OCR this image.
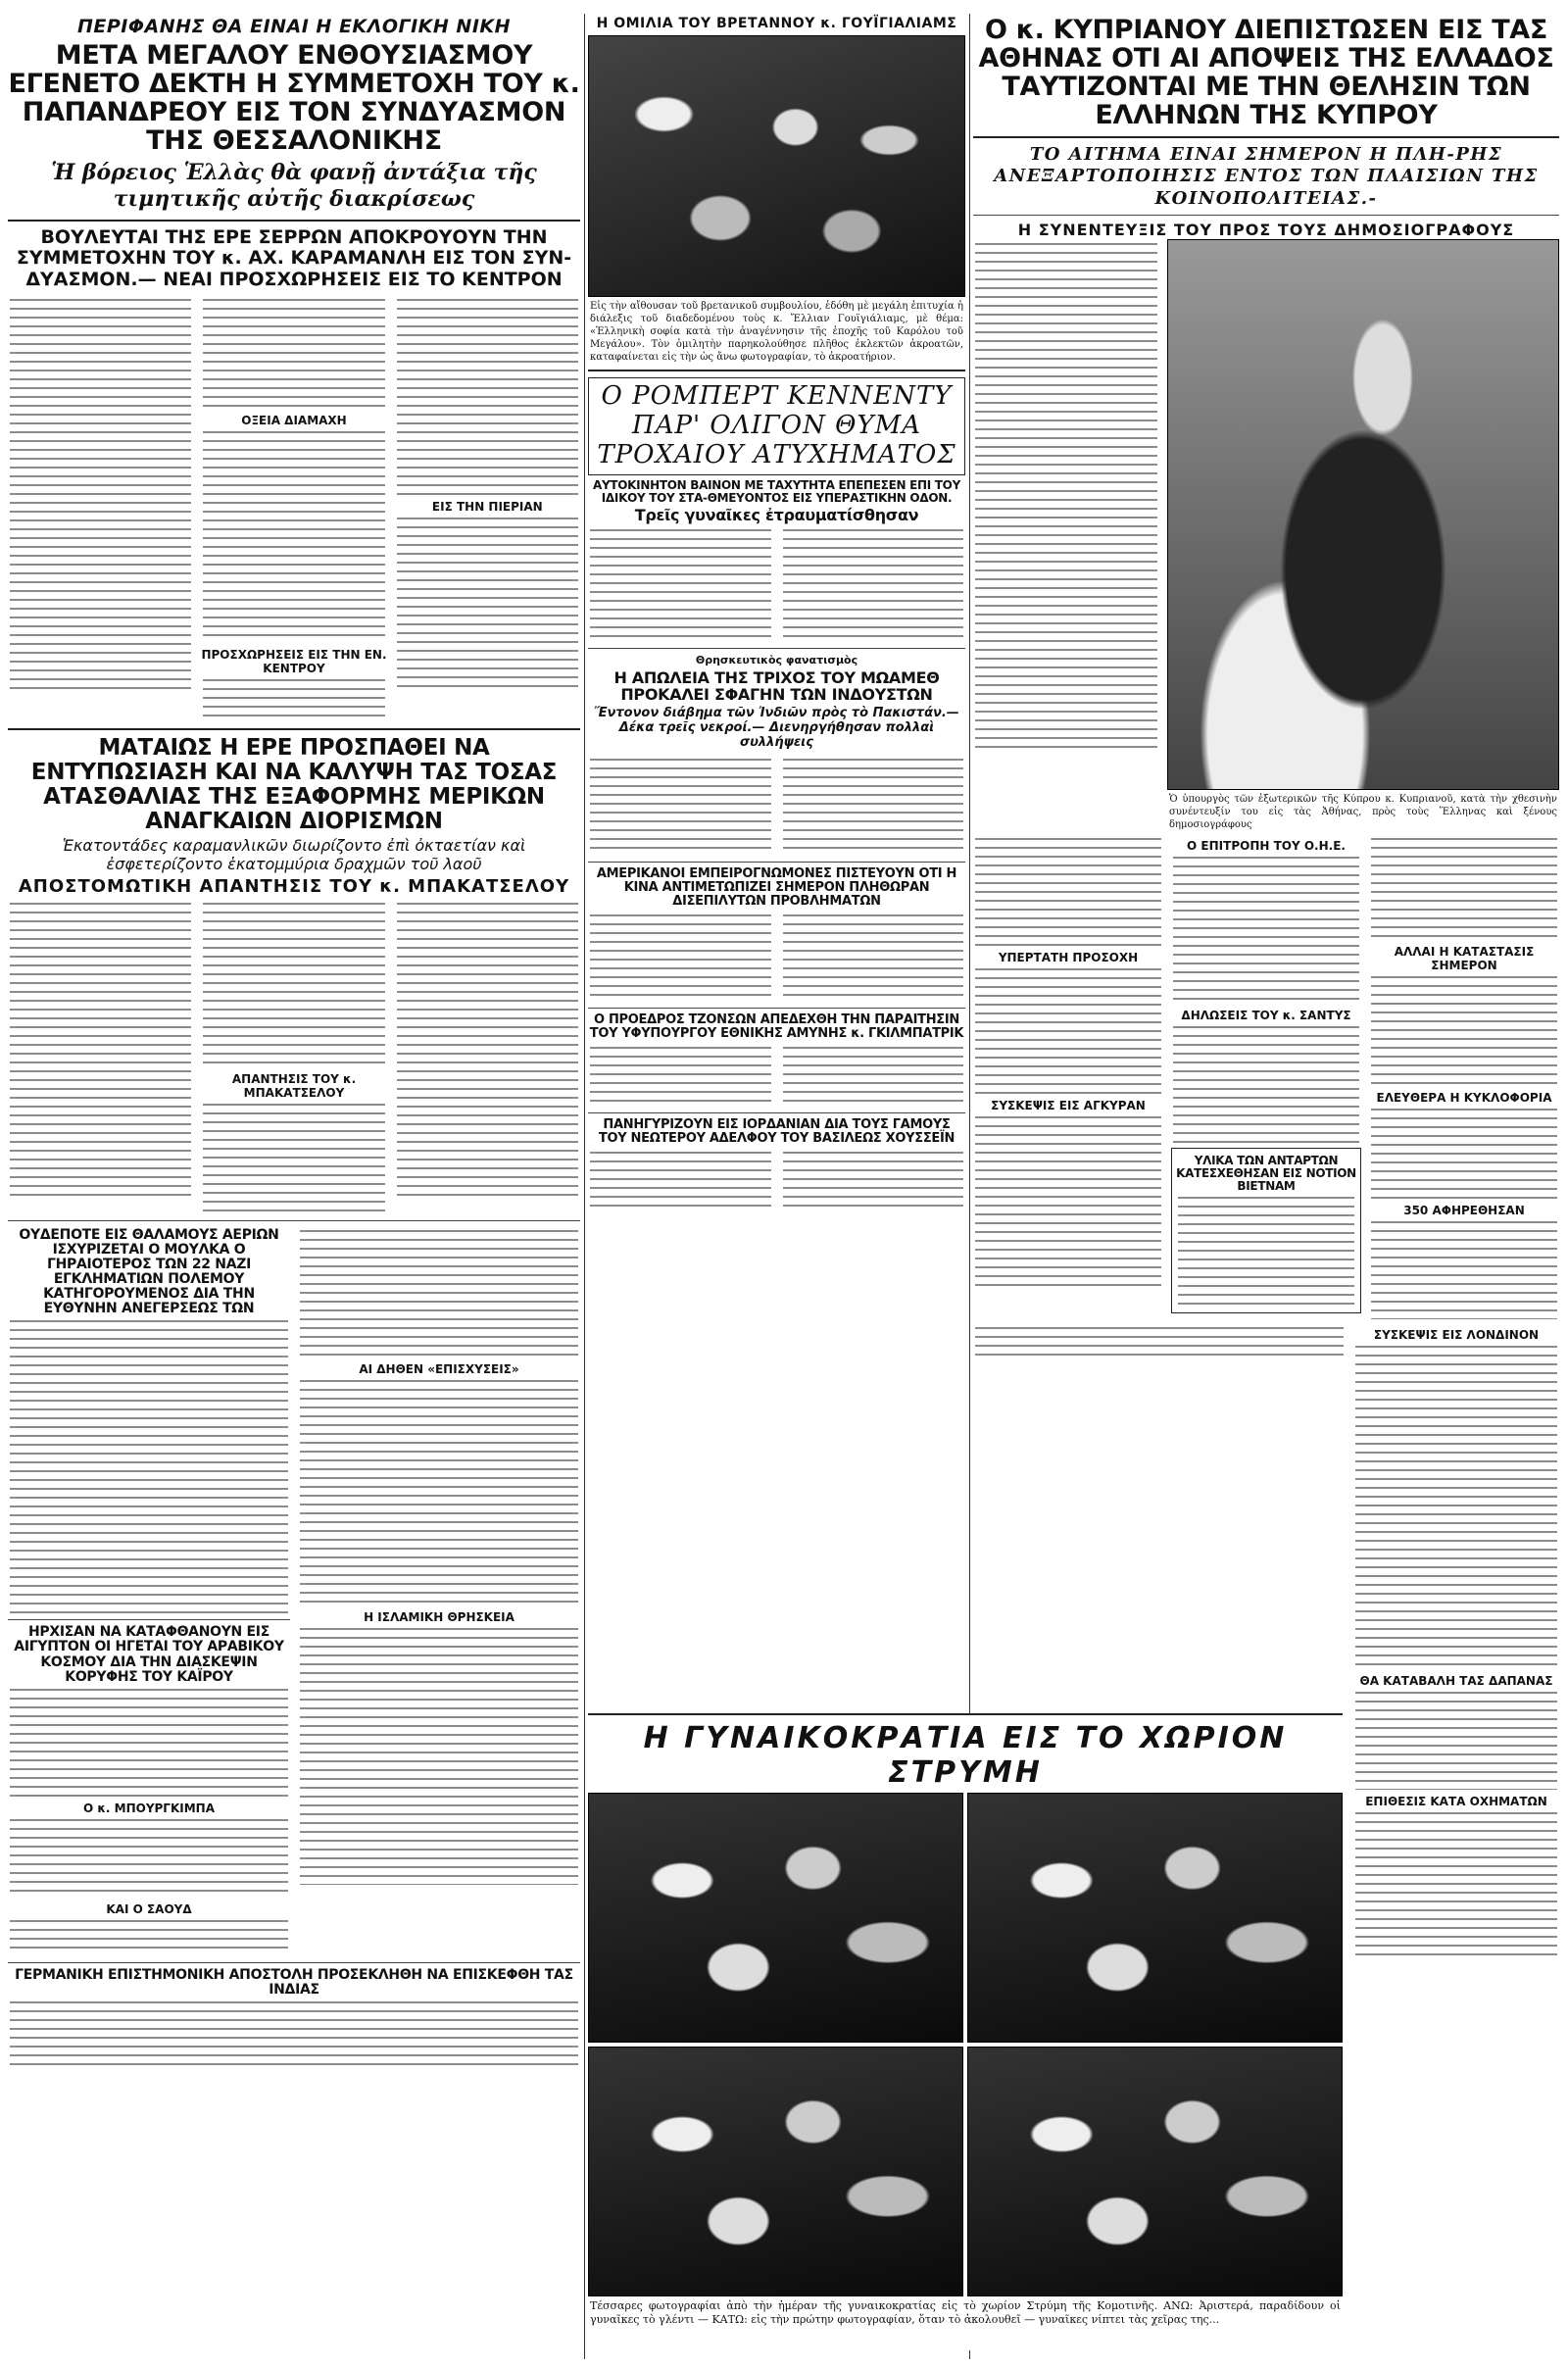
ΠΕΡΙΦΑΝΗΣ ΘΑ ΕΙΝΑΙ Η ΕΚΛΟΓΙΚΗ ΝΙΚΗ
ΜΕΤΑ ΜΕΓΑΛΟΥ ΕΝΘΟΥΣΙΑΣΜΟΥ ΕΓΕΝΕΤΟ ΔΕΚΤΗ Η ΣΥΜΜΕΤΟΧΗ ΤΟΥ κ. ΠΑΠΑΝΔΡΕΟΥ ΕΙΣ ΤΟΝ ΣΥΝΔΥΑΣΜΟΝ ΤΗΣ ΘΕΣΣΑΛΟΝΙΚΗΣ
Ἡ βόρειος Ἑλλὰς θὰ φανῇ ἀντάξια τῆς τιμητικῆς αὐτῆς διακρίσεως
ΒΟΥΛΕΥΤΑΙ ΤΗΣ ΕΡΕ ΣΕΡΡΩΝ ΑΠΟΚΡΟΥΟΥΝ ΤΗΝ ΣΥΜΜΕΤΟΧΗΝ ΤΟΥ κ. ΑΧ. ΚΑΡΑΜΑΝΛΗ ΕΙΣ ΤΟΝ ΣΥΝ-ΔΥΑΣΜΟΝ.— ΝΕΑΙ ΠΡΟΣΧΩΡΗΣΕΙΣ ΕΙΣ ΤΟ ΚΕΝΤΡΟΝ
ΟΞΕΙΑ ΔΙΑΜΑΧΗ
ΠΡΟΣΧΩΡΗΣΕΙΣ ΕΙΣ ΤΗΝ ΕΝ. ΚΕΝΤΡΟΥ
ΕΙΣ ΤΗΝ ΠΙΕΡΙΑΝ
ΜΑΤΑΙΩΣ Η ΕΡΕ ΠΡΟΣΠΑΘΕΙ ΝΑ ΕΝΤΥΠΩΣΙΑΣΗ ΚΑΙ ΝΑ ΚΑΛΥΨΗ ΤΑΣ ΤΟΣΑΣ ΑΤΑΣΘΑΛΙΑΣ ΤΗΣ ΕΞΑΦΟΡΜΗΣ ΜΕΡΙΚΩΝ ΑΝΑΓΚΑΙΩΝ ΔΙΟΡΙΣΜΩΝ
Ἑκατοντάδες καραμανλικῶν διωρίζοντο ἐπὶ ὀκταετίαν καὶ ἐσφετερίζοντο ἑκατομμύρια δραχμῶν τοῦ λαοῦ
ΑΠΟΣΤΟΜΩΤΙΚΗ ΑΠΑΝΤΗΣΙΣ ΤΟΥ κ. ΜΠΑΚΑΤΣΕΛΟΥ
ΑΠΑΝΤΗΣΙΣ ΤΟΥ κ. ΜΠΑΚΑΤΣΕΛΟΥ
ΟΥΔΕΠΟΤΕ ΕΙΣ ΘΑΛΑΜΟΥΣ ΑΕΡΙΩΝ ΙΣΧΥΡΙΖΕΤΑΙ Ο ΜΟΥΛΚΑ Ο ΓΗΡΑΙΟΤΕΡΟΣ ΤΩΝ 22 ΝΑΖΙ ΕΓΚΛΗΜΑΤΙΩΝ ΠΟΛΕΜΟΥ ΚΑΤΗΓΟΡΟΥΜΕΝΟΣ ΔΙΑ ΤΗΝ ΕΥΘΥΝΗΝ ΑΝΕΓΕΡΣΕΩΣ ΤΩΝ
ΗΡΧΙΣΑΝ ΝΑ ΚΑΤΑΦΘΑΝΟΥΝ ΕΙΣ ΑΙΓΥΠΤΟΝ ΟΙ ΗΓΕΤΑΙ ΤΟΥ ΑΡΑΒΙΚΟΥ ΚΟΣΜΟΥ ΔΙΑ ΤΗΝ ΔΙΑΣΚΕΨΙΝ ΚΟΡΥΦΗΣ ΤΟΥ ΚΑΪΡΟΥ
Ο κ. ΜΠΟΥΡΓΚΙΜΠΑ
ΚΑΙ Ο ΣΑΟΥΔ
ΑΙ ΔΗΘΕΝ «ΕΠΙΣΧΥΣΕΙΣ»
Η ΙΣΛΑΜΙΚΗ ΘΡΗΣΚΕΙΑ
ΓΕΡΜΑΝΙΚΗ ΕΠΙΣΤΗΜΟΝΙΚΗ ΑΠΟΣΤΟΛΗ ΠΡΟΣΕΚΛΗΘΗ ΝΑ ΕΠΙΣΚΕΦΘΗ ΤΑΣ ΙΝΔΙΑΣ
Η ΟΜΙΛΙΑ ΤΟΥ ΒΡΕΤΑΝΝΟΥ κ. ΓΟΥΪΓΙΑΛΙΑΜΣ
Εἰς τὴν αἴθουσαν τοῦ βρετανικοῦ συμβουλίου, ἐδόθη μὲ μεγάλη ἐπιτυχία ἡ διάλεξις τοῦ διαδεδομένου τοὺς κ. Ἔλλιαν Γουϊγιάλιαμς, μὲ θέμα: «Ἑλληνικὴ σοφία κατὰ τὴν ἀναγέννησιν τῆς ἐποχῆς τοῦ Καρόλου τοῦ Μεγάλου». Τὸν ὁμιλητὴν παρηκολούθησε πλῆθος ἐκλεκτῶν ἀκροατῶν, καταφαίνεται εἰς τὴν ὡς ἄνω φωτογραφίαν, τὸ ἀκροατήριον.
Ο ΡΟΜΠΕΡΤ ΚΕΝΝΕΝΤΥ ΠΑΡ' ΟΛΙΓΟΝ ΘΥΜΑ ΤΡΟΧΑΙΟΥ ΑΤΥΧΗΜΑΤΟΣ
ΑΥΤΟΚΙΝΗΤΟΝ ΒΑΙΝΟΝ ΜΕ ΤΑΧΥΤΗΤΑ ΕΠΕΠΕΣΕΝ ΕΠΙ ΤΟΥ ΙΔΙΚΟΥ ΤΟΥ ΣΤΑ-ΘΜΕΥΟΝΤΟΣ ΕΙΣ ΥΠΕΡΑΣΤΙΚΗΝ ΟΔΟΝ.
Τρεῖς γυναῖκες ἐτραυματίσθησαν
Θρησκευτικὸς φανατισμὸς
Η ΑΠΩΛΕΙΑ ΤΗΣ ΤΡΙΧΟΣ ΤΟΥ ΜΩΑΜΕΘ ΠΡΟΚΑΛΕΙ ΣΦΑΓΗΝ ΤΩΝ ΙΝΔΟΥΣΤΩΝ
Ἔντονον διάβημα τῶν Ἰνδιῶν πρὸς τὸ Πακιστάν.— Δέκα τρεῖς νεκροί.— Διενηργήθησαν πολλαὶ συλλήψεις
ΑΜΕΡΙΚΑΝΟΙ ΕΜΠΕΙΡΟΓΝΩΜΟΝΕΣ ΠΙΣΤΕΥΟΥΝ ΟΤΙ Η ΚΙΝΑ ΑΝΤΙΜΕΤΩΠΙΖΕΙ ΣΗΜΕΡΟΝ ΠΛΗΘΩΡΑΝ ΔΙΣΕΠΙΛΥΤΩΝ ΠΡΟΒΛΗΜΑΤΩΝ
Ο ΠΡΟΕΔΡΟΣ ΤΖΟΝΣΩΝ ΑΠΕΔΕΧΘΗ ΤΗΝ ΠΑΡΑΙΤΗΣΙΝ ΤΟΥ ΥΦΥΠΟΥΡΓΟΥ ΕΘΝΙΚΗΣ ΑΜΥΝΗΣ κ. ΓΚΙΛΜΠΑΤΡΙΚ
ΠΑΝΗΓΥΡΙΖΟΥΝ ΕΙΣ ΙΟΡΔΑΝΙΑΝ ΔΙΑ ΤΟΥΣ ΓΑΜΟΥΣ ΤΟΥ ΝΕΩΤΕΡΟΥ ΑΔΕΛΦΟΥ ΤΟΥ ΒΑΣΙΛΕΩΣ ΧΟΥΣΣΕΪΝ
Ο κ. ΚΥΠΡΙΑΝΟΥ ΔΙΕΠΙΣΤΩΣΕΝ ΕΙΣ ΤΑΣ ΑΘΗΝΑΣ ΟΤΙ ΑΙ ΑΠΟΨΕΙΣ ΤΗΣ ΕΛΛΑΔΟΣ ΤΑΥΤΙΖΟΝΤΑΙ ΜΕ ΤΗΝ ΘΕΛΗΣΙΝ ΤΩΝ ΕΛΛΗΝΩΝ ΤΗΣ ΚΥΠΡΟΥ
ΤΟ ΑΙΤΗΜΑ ΕΙΝΑΙ ΣΗΜΕΡΟΝ Η ΠΛΗ-ΡΗΣ ΑΝΕΞΑΡΤΟΠΟΙΗΣΙΣ ΕΝΤΟΣ ΤΩΝ ΠΛΑΙΣΙΩΝ ΤΗΣ ΚΟΙΝΟΠΟΛΙΤΕΙΑΣ.-
Η ΣΥΝΕΝΤΕΥΞΙΣ ΤΟΥ ΠΡΟΣ ΤΟΥΣ ΔΗΜΟΣΙΟΓΡΑΦΟΥΣ
Ὁ ὑπουργὸς τῶν ἐξωτερικῶν τῆς Κύπρου κ. Κυπριανοῦ, κατὰ τὴν χθεσινὴν συνέντευξίν του εἰς τὰς Ἀθήνας, πρὸς τοὺς Ἕλληνας καὶ ξένους δημοσιογράφους
ΥΠΕΡΤΑΤΗ ΠΡΟΣΟΧΗ
ΣΥΣΚΕΨΙΣ ΕΙΣ ΑΓΚΥΡΑΝ
Ο ΕΠΙΤΡΟΠΗ ΤΟΥ Ο.Η.Ε.
ΔΗΛΩΣΕΙΣ ΤΟΥ κ. ΣΑΝΤΥΣ
ΥΛΙΚΑ ΤΩΝ ΑΝΤΑΡΤΩΝ ΚΑΤΕΣΧΕΘΗΣΑΝ ΕΙΣ ΝΟΤΙΟΝ ΒΙΕΤΝΑΜ
ΑΛΛΑΙ Η ΚΑΤΑΣΤΑΣΙΣ ΣΗΜΕΡΟΝ
ΕΛΕΥΘΕΡΑ Η ΚΥΚΛΟΦΟΡΙΑ
350 ΑΦΗΡΕΘΗΣΑΝ
ΣΥΣΚΕΨΙΣ ΕΙΣ ΛΟΝΔΙΝΟΝ
ΘΑ ΚΑΤΑΒΑΛΗ ΤΑΣ ΔΑΠΑΝΑΣ
ΕΠΙΘΕΣΙΣ ΚΑΤΑ ΟΧΗΜΑΤΩΝ
Η ΓΥΝΑΙΚΟΚΡΑΤΙΑ ΕΙΣ ΤΟ ΧΩΡΙΟΝ ΣΤΡΥΜΗ
Τέσσαρες φωτογραφίαι ἀπὸ τὴν ἡμέραν τῆς γυναικοκρατίας εἰς τὸ χωρίον Στρύμη τῆς Κομοτινῆς. ΑΝΩ: Ἀριστερά, παραδίδουν οἱ γυναῖκες τὸ γλέντι — ΚΑΤΩ: εἰς τὴν πρώτην φωτογραφίαν, ὅταν τὸ ἀκολουθεῖ — γυναῖκες νίπτει τὰς χεῖρας της...
